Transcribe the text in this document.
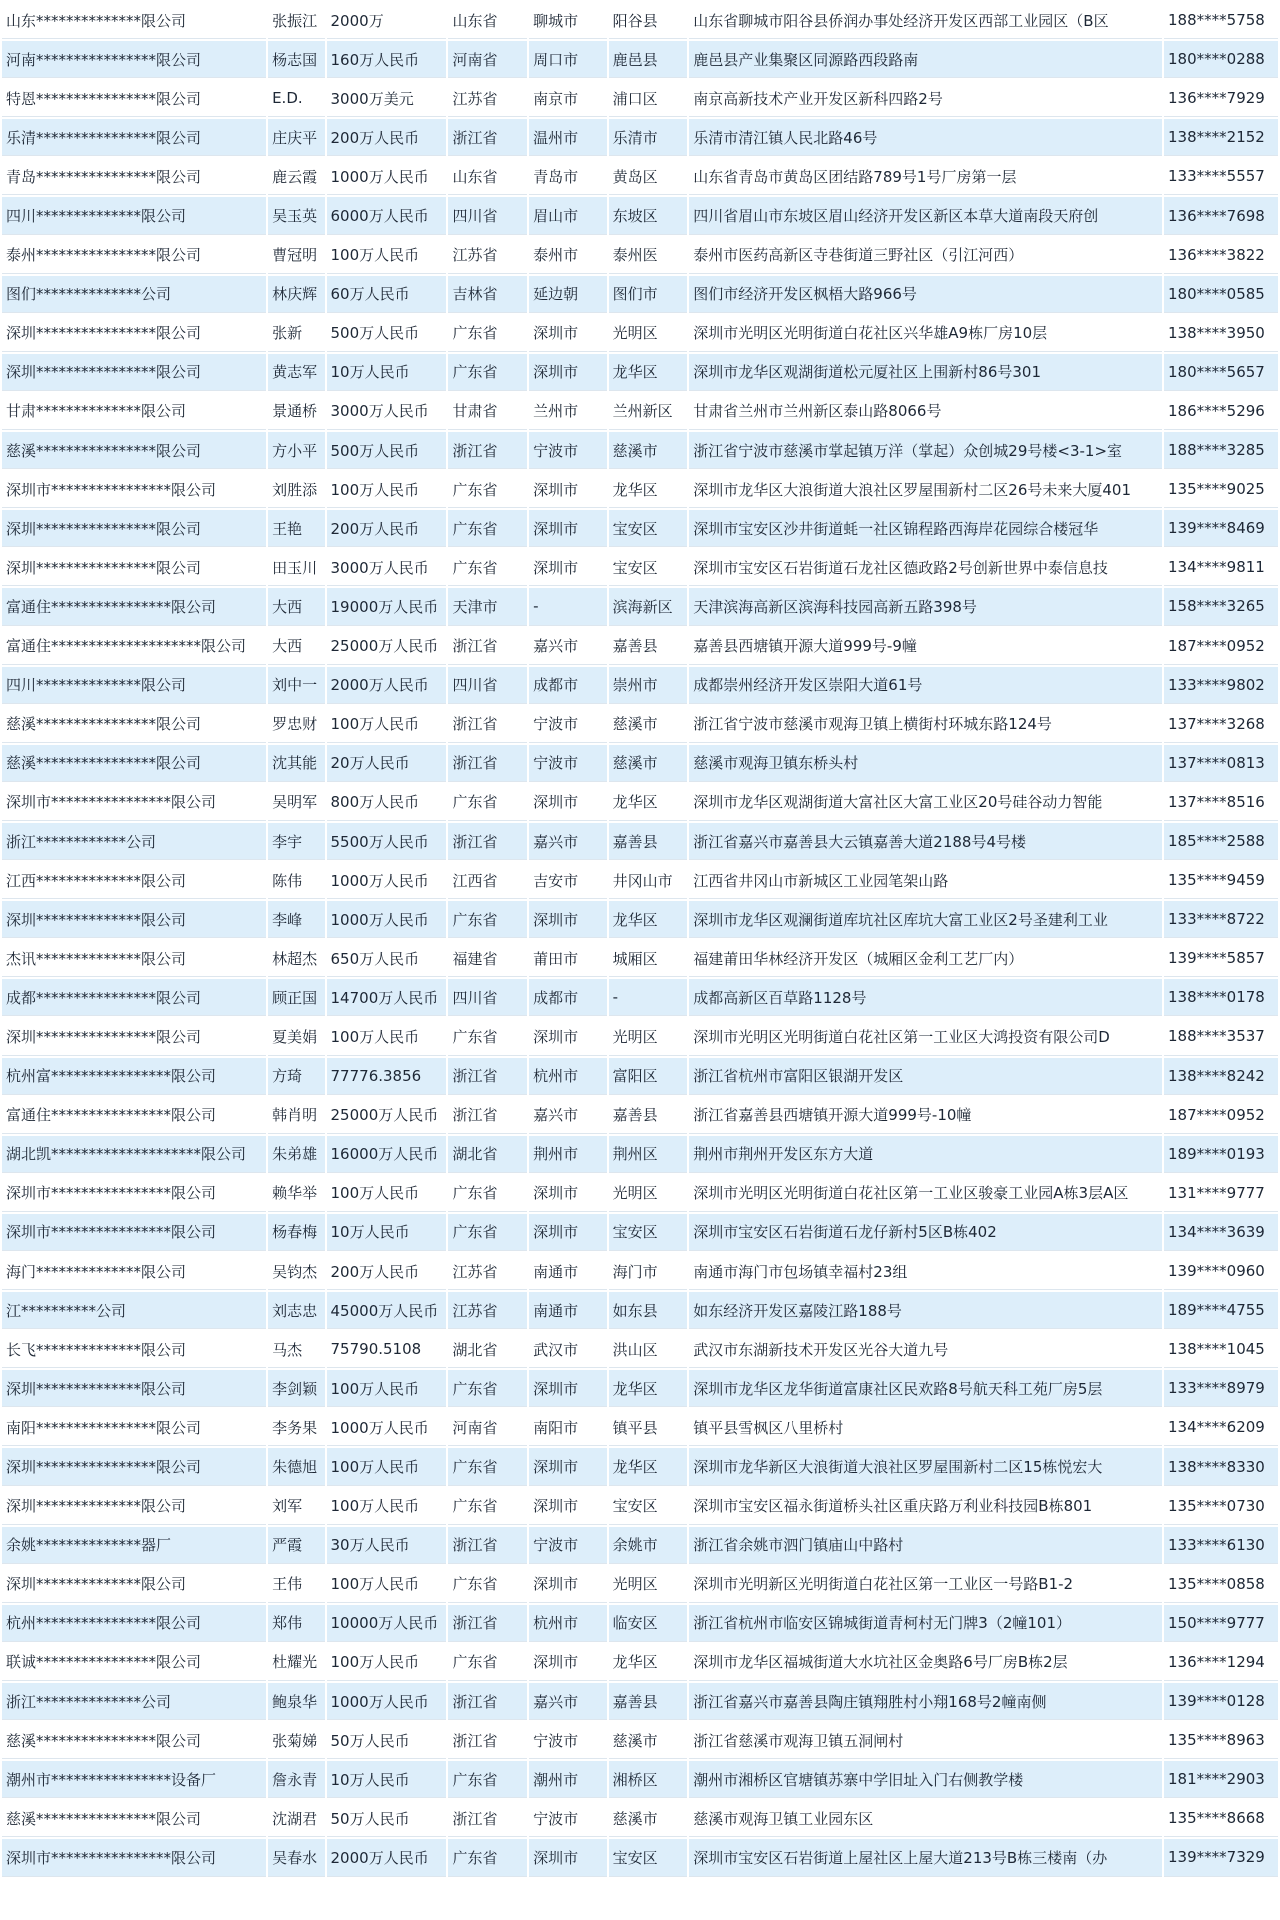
山东**************限公司	张振江	2000万	山东省	聊城市	阳谷县	山东省聊城市阳谷县侨润办事处经济开发区西部工业园区（B区	188****5758
河南****************限公司	杨志国	160万人民币	河南省	周口市	鹿邑县	鹿邑县产业集聚区同源路西段路南	180****0288
特恩****************限公司	E.D.	3000万美元	江苏省	南京市	浦口区	南京高新技术产业开发区新科四路2号	136****7929
乐清****************限公司	庄庆平	200万人民币	浙江省	温州市	乐清市	乐清市清江镇人民北路46号	138****2152
青岛****************限公司	鹿云霞	1000万人民币	山东省	青岛市	黄岛区	山东省青岛市黄岛区团结路789号1号厂房第一层	133****5557
四川**************限公司	吴玉英	6000万人民币	四川省	眉山市	东坡区	四川省眉山市东坡区眉山经济开发区新区本草大道南段天府创	136****7698
泰州****************限公司	曹冠明	100万人民币	江苏省	泰州市	泰州医	泰州市医药高新区寺巷街道三野社区（引江河西）	136****3822
图们**************公司	林庆辉	60万人民币	吉林省	延边朝	图们市	图们市经济开发区枫梧大路966号	180****0585
深圳****************限公司	张新	500万人民币	广东省	深圳市	光明区	深圳市光明区光明街道白花社区兴华雄A9栋厂房10层	138****3950
深圳****************限公司	黄志军	10万人民币	广东省	深圳市	龙华区	深圳市龙华区观湖街道松元厦社区上围新村86号301	180****5657
甘肃**************限公司	景通桥	3000万人民币	甘肃省	兰州市	兰州新区	甘肃省兰州市兰州新区泰山路8066号	186****5296
慈溪****************限公司	方小平	500万人民币	浙江省	宁波市	慈溪市	浙江省宁波市慈溪市掌起镇万洋（掌起）众创城29号楼<3-1>室	188****3285
深圳市****************限公司	刘胜添	100万人民币	广东省	深圳市	龙华区	深圳市龙华区大浪街道大浪社区罗屋围新村二区26号未来大厦401	135****9025
深圳****************限公司	王艳	200万人民币	广东省	深圳市	宝安区	深圳市宝安区沙井街道蚝一社区锦程路西海岸花园综合楼冠华	139****8469
深圳****************限公司	田玉川	3000万人民币	广东省	深圳市	宝安区	深圳市宝安区石岩街道石龙社区德政路2号创新世界中泰信息技	134****9811
富通住****************限公司	大西	19000万人民币	天津市	-	滨海新区	天津滨海高新区滨海科技园高新五路398号	158****3265
富通住********************限公司	大西	25000万人民币	浙江省	嘉兴市	嘉善县	嘉善县西塘镇开源大道999号-9幢	187****0952
四川**************限公司	刘中一	2000万人民币	四川省	成都市	崇州市	成都崇州经济开发区崇阳大道61号	133****9802
慈溪****************限公司	罗忠财	100万人民币	浙江省	宁波市	慈溪市	浙江省宁波市慈溪市观海卫镇上横街村环城东路124号	137****3268
慈溪****************限公司	沈其能	20万人民币	浙江省	宁波市	慈溪市	慈溪市观海卫镇东桥头村	137****0813
深圳市****************限公司	吴明军	800万人民币	广东省	深圳市	龙华区	深圳市龙华区观湖街道大富社区大富工业区20号硅谷动力智能	137****8516
浙江************公司	李宇	5500万人民币	浙江省	嘉兴市	嘉善县	浙江省嘉兴市嘉善县大云镇嘉善大道2188号4号楼	185****2588
江西**************限公司	陈伟	1000万人民币	江西省	吉安市	井冈山市	江西省井冈山市新城区工业园笔架山路	135****9459
深圳**************限公司	李峰	1000万人民币	广东省	深圳市	龙华区	深圳市龙华区观澜街道库坑社区库坑大富工业区2号圣建利工业	133****8722
杰讯**************限公司	林超杰	650万人民币	福建省	莆田市	城厢区	福建莆田华林经济开发区（城厢区金利工艺厂内）	139****5857
成都****************限公司	顾正国	14700万人民币	四川省	成都市	-	成都高新区百草路1128号	138****0178
深圳****************限公司	夏美娟	100万人民币	广东省	深圳市	光明区	深圳市光明区光明街道白花社区第一工业区大鸿投资有限公司D	188****3537
杭州富****************限公司	方琦	77776.3856	浙江省	杭州市	富阳区	浙江省杭州市富阳区银湖开发区	138****8242
富通住****************限公司	韩肖明	25000万人民币	浙江省	嘉兴市	嘉善县	浙江省嘉善县西塘镇开源大道999号-10幢	187****0952
湖北凯********************限公司	朱弟雄	16000万人民币	湖北省	荆州市	荆州区	荆州市荆州开发区东方大道	189****0193
深圳市****************限公司	赖华举	100万人民币	广东省	深圳市	光明区	深圳市光明区光明街道白花社区第一工业区骏豪工业园A栋3层A区	131****9777
深圳市****************限公司	杨春梅	10万人民币	广东省	深圳市	宝安区	深圳市宝安区石岩街道石龙仔新村5区B栋402	134****3639
海门**************限公司	吴钧杰	200万人民币	江苏省	南通市	海门市	南通市海门市包场镇幸福村23组	139****0960
江**********公司	刘志忠	45000万人民币	江苏省	南通市	如东县	如东经济开发区嘉陵江路188号	189****4755
长飞**************限公司	马杰	75790.5108	湖北省	武汉市	洪山区	武汉市东湖新技术开发区光谷大道九号	138****1045
深圳**************限公司	李剑颖	100万人民币	广东省	深圳市	龙华区	深圳市龙华区龙华街道富康社区民欢路8号航天科工苑厂房5层	133****8979
南阳****************限公司	李务果	1000万人民币	河南省	南阳市	镇平县	镇平县雪枫区八里桥村	134****6209
深圳****************限公司	朱德旭	100万人民币	广东省	深圳市	龙华区	深圳市龙华新区大浪街道大浪社区罗屋围新村二区15栋悦宏大	138****8330
深圳**************限公司	刘军	100万人民币	广东省	深圳市	宝安区	深圳市宝安区福永街道桥头社区重庆路万利业科技园B栋801	135****0730
余姚**************器厂	严霞	30万人民币	浙江省	宁波市	余姚市	浙江省余姚市泗门镇庙山中路村	133****6130
深圳**************限公司	王伟	100万人民币	广东省	深圳市	光明区	深圳市光明新区光明街道白花社区第一工业区一号路B1-2	135****0858
杭州****************限公司	郑伟	10000万人民币	浙江省	杭州市	临安区	浙江省杭州市临安区锦城街道青柯村无门牌3（2幢101）	150****9777
联诚****************限公司	杜耀光	100万人民币	广东省	深圳市	龙华区	深圳市龙华区福城街道大水坑社区金奥路6号厂房B栋2层	136****1294
浙江**************公司	鲍泉华	1000万人民币	浙江省	嘉兴市	嘉善县	浙江省嘉兴市嘉善县陶庄镇翔胜村小翔168号2幢南侧	139****0128
慈溪****************限公司	张菊娣	50万人民币	浙江省	宁波市	慈溪市	浙江省慈溪市观海卫镇五洞闸村	135****8963
潮州市****************设备厂	詹永青	10万人民币	广东省	潮州市	湘桥区	潮州市湘桥区官塘镇苏寨中学旧址入门右侧教学楼	181****2903
慈溪****************限公司	沈湖君	50万人民币	浙江省	宁波市	慈溪市	慈溪市观海卫镇工业园东区	135****8668
深圳市****************限公司	吴春水	2000万人民币	广东省	深圳市	宝安区	深圳市宝安区石岩街道上屋社区上屋大道213号B栋三楼南（办	139****7329
